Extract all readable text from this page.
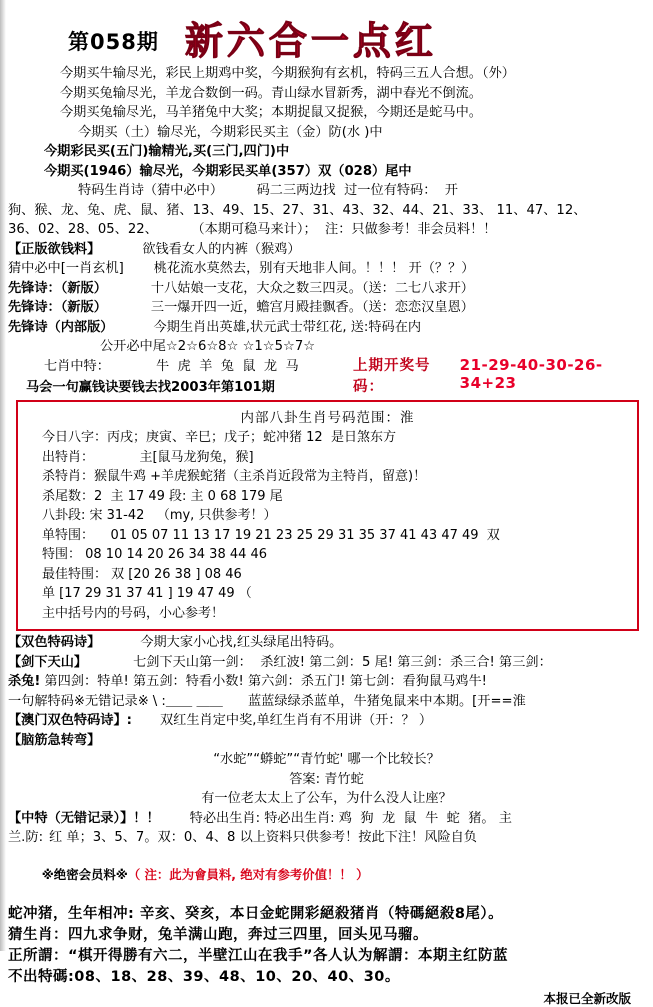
第058期 新六合一点红
今期买牛输尽光，彩民上期鸡中奖，今期猴狗有玄机，特码三五人合想。（外）
今期买兔输尽光，羊龙合数倒一码。青山绿水冒新秀，湖中春光不倒流。
今期买兔输尽光，马羊猪兔中大奖；本期捉鼠又捉猴，今期还是蛇马中。
今期买（土）输尽光，今期彩民买主（金）防(水 )中
今期彩民买(五门)输精光,买(三门,四门)中
今期买(1946）输尽光，今期彩民买单(357）双（028）尾中
特码生肖诗（猜中必中）        码二三两边找  过一位有特码：  开
狗、猴、龙、兔、虎、鼠、猪、13、49、15、27、31、43、32、44、21、33、 11、47、12、
36、02、28、05、22、        （本期可稳马来计）；  注：只做参考！非会员料！！
【正版欲钱料】	欲钱看女人的内裤（猴鸡）
猜中必中[一肖玄机] 桃花流水莫然去，别有天地非人间。！！！ 开（？？）
先锋诗：（新版）	十八姑娘一支花，大众之数三四灵。（送：二七八求开）
先锋诗：（新版）	三一爆开四一近，蟾宫月殿挂飘香。（送：恋恋汉皇恩）
先锋诗（内部版）	今期生肖出英雄,状元武士带红花, 送:特码在内
公开必中尾☆2☆6☆8☆ ☆1☆5☆7☆
七肖中特：           牛  虎  羊  兔  鼠  龙  马	上期开奖号码：
21-29-40-30-26-34+23
马会一句赢钱诀要钱去找2003年第101期
内部八卦生肖号码范围：淮
今日八字：丙戌；庚寅、辛巳；戊子；蛇冲猪 12  是日煞东方
出特肖：           主[鼠马龙狗兔，猴]
杀特肖：猴鼠牛鸡 +羊虎猴蛇猪（主杀肖近段常为主特肖，留意)！
杀尾数：2  主 17 49 段: 主 0 68 179 尾
八卦段: 宋 31-42   （my, 只供参考！）
单特围：    01 05 07 11 13 17 19 21 23 25 29 31 35 37 41 43 47 49  双
特围： 08 10 14 20 26 34 38 44 46
最佳特围： 双 [20 26 38 ] 08 46
单 [17 29 31 37 41 ] 19 47 49 （
主中括号内的号码，小心参考！
【双色特码诗】	今期大家小心找,红头绿尾出特码。
【剑下天山】	七剑下天山第一剑：  杀红波! 第二剑：5 尾! 第三剑：杀三合! 第三剑：
杀兔! 第四剑：特单! 第五剑：特看小数! 第六剑：杀五门! 第七剑：看狗鼠马鸡牛!
一句解特码※无错记录※ \ :＿＿ ＿＿      蓝蓝绿绿杀蓝单，牛猪兔鼠来中本期。[开==淮
【澳门双色特码诗】: 双红生肖定中奖,单红生肖有不用讲（开：？ ）
【脑筋急转弯】
“水蛇”“蟒蛇”“青竹蛇' 哪一个比较长？
答案: 青竹蛇
有一位老太太上了公车，为什么没人让座？
【中特（无错记录）】！！ 特必出生肖: 特必出生肖: 鸡  狗  龙  鼠  牛  蛇  猪。 主
兰.防: 红 单；3、5、7。双：0、4、8 以上资料只供参考！按此下注！风险自负

※绝密会员料※（ 注：此为會員料, 绝对有参考价值！！ ）

蛇冲猪，生年相冲: 辛亥、癸亥，本日金蛇開彩絕殺猪肖（特碼絕殺8尾）。
猜生肖：四九求争财，兔羊满山跑，奔过三四里，回头见马骝。
正所謂：“棋开得勝有六二，半壁江山在我手”各人认为解謂：本期主红防蓝
不出特碼:08、18、28、39、48、10、20、40、30。
本报已全新改版
